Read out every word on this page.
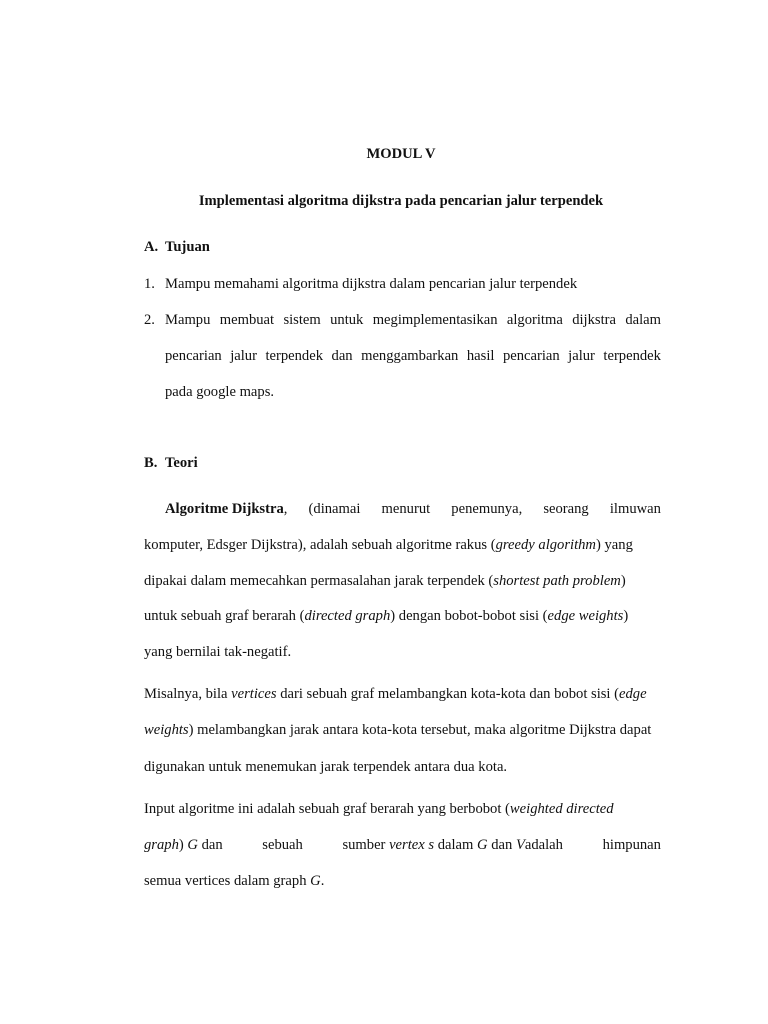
MODUL V
Implementasi algoritma dijkstra pada pencarian jalur terpendek
A. Tujuan
1. Mampu memahami algoritma dijkstra dalam pencarian jalur terpendek
2. Mampu membuat sistem untuk megimplementasikan algoritma dijkstra dalam
pencarian jalur terpendek dan menggambarkan hasil pencarian jalur terpendek
pada google maps.
B. Teori
Algoritme Dijkstra, (dinamai menurut penemunya, seorang ilmuwan
komputer, Edsger Dijkstra), adalah sebuah algoritme rakus (greedy algorithm) yang
dipakai dalam memecahkan permasalahan jarak terpendek (shortest path problem)
untuk sebuah graf berarah (directed graph) dengan bobot-bobot sisi (edge weights)
yang bernilai tak-negatif.
Misalnya, bila vertices dari sebuah graf melambangkan kota-kota dan bobot sisi (edge
weights) melambangkan jarak antara kota-kota tersebut, maka algoritme Dijkstra dapat
digunakan untuk menemukan jarak terpendek antara dua kota.
Input algoritme ini adalah sebuah graf berarah yang berbobot (weighted directed
graph) G dan	sebuah	sumber vertex s dalam G dan Vadalah	himpunan
semua vertices dalam graph G.
